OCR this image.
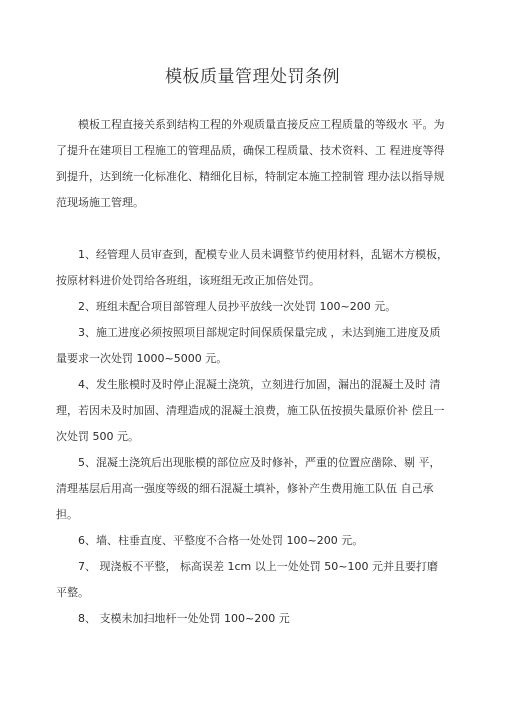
模板质量管理处罚条例

模板工程直接关系到结构工程的外观质量直接反应工程质量的等级水 平。为了提升在建项目工程施工的管理品质，确保工程质量、技术资料、工 程进度等得到提升，达到统一化标准化、精细化目标，特制定本施工控制管 理办法以指导规范现场施工管理。

1、经管理人员审查到，配模专业人员未调整节约使用材料，乱锯木方模板，按原材料进价处罚给各班组，该班组无改正加倍处罚。

2、班组未配合项目部管理人员抄平放线一次处罚 100~200 元。

3、施工进度必须按照项目部规定时间保质保量完成 ，未达到施工进度及质量要求一次处罚 1000~5000 元。

4、发生胀模时及时停止混凝土浇筑，立刻进行加固，漏出的混凝土及时 清理，若因未及时加固、清理造成的混凝土浪费，施工队伍按损失量原价补 偿且一次处罚 500 元。

5、混凝土浇筑后出现胀模的部位应及时修补，严重的位置应凿除、剔 平，清理基层后用高一强度等级的细石混凝土填补，修补产生费用施工队伍 自己承担。

6、墙、柱垂直度、平整度不合格一处处罚 100~200 元。

7、 现浇板不平整， 标高误差 1cm 以上一处处罚 50~100 元并且要打磨平整。

8、 支模未加扫地杆一处处罚 100~200 元
